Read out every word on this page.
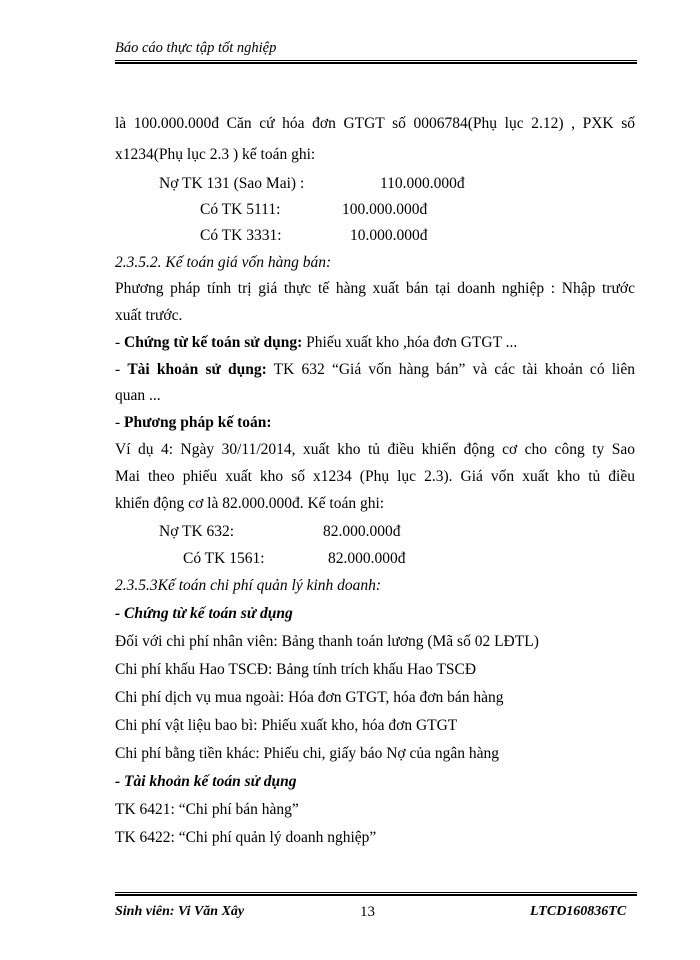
Báo cáo thực tập tốt nghiệp
là 100.000.000đ Căn cứ hóa đơn GTGT số 0006784(Phụ lục 2.12) , PXK số
x1234(Phụ lục 2.3 ) kế toán ghi:
Nợ TK 131 (Sao Mai) :	110.000.000đ
Có TK 5111:	100.000.000đ
Có TK 3331:	10.000.000đ
2.3.5.2. Kế toán giá vốn hàng bán:
Phương pháp tính trị giá thực tế hàng xuất bán tại doanh nghiệp : Nhập trước
xuất trước.
- Chứng từ kế toán sử dụng: Phiếu xuất kho ,hóa đơn GTGT ...
- Tài khoản sử dụng: TK 632 “Giá vốn hàng bán” và các tài khoản có liên
quan ...
- Phương pháp kế toán:
Ví dụ 4: Ngày 30/11/2014, xuất kho tủ điều khiển động cơ cho công ty Sao
Mai theo phiếu xuất kho số x1234 (Phụ lục 2.3). Giá vốn xuất kho tủ điều
khiển động cơ là 82.000.000đ. Kế toán ghi:
Nợ TK 632:	82.000.000đ
Có TK 1561:	82.000.000đ
2.3.5.3Kế toán chi phí quản lý kinh doanh:
- Chứng từ kế toán sử dụng
Đối với chi phí nhân viên: Bảng thanh toán lương (Mã số 02 LĐTL)
Chi phí khấu Hao TSCĐ: Bảng tính trích khấu Hao TSCĐ
Chi phí dịch vụ mua ngoài: Hóa đơn GTGT, hóa đơn bán hàng
Chi phí vật liệu bao bì: Phiếu xuất kho, hóa đơn GTGT
Chi phí bằng tiền khác: Phiếu chi, giấy báo Nợ của ngân hàng
- Tài khoản kế toán sử dụng
TK 6421: “Chi phí bán hàng”
TK 6422: “Chi phí quản lý doanh nghiệp”
Sinh viên: Vi Văn Xây	13	LTCD160836TC
